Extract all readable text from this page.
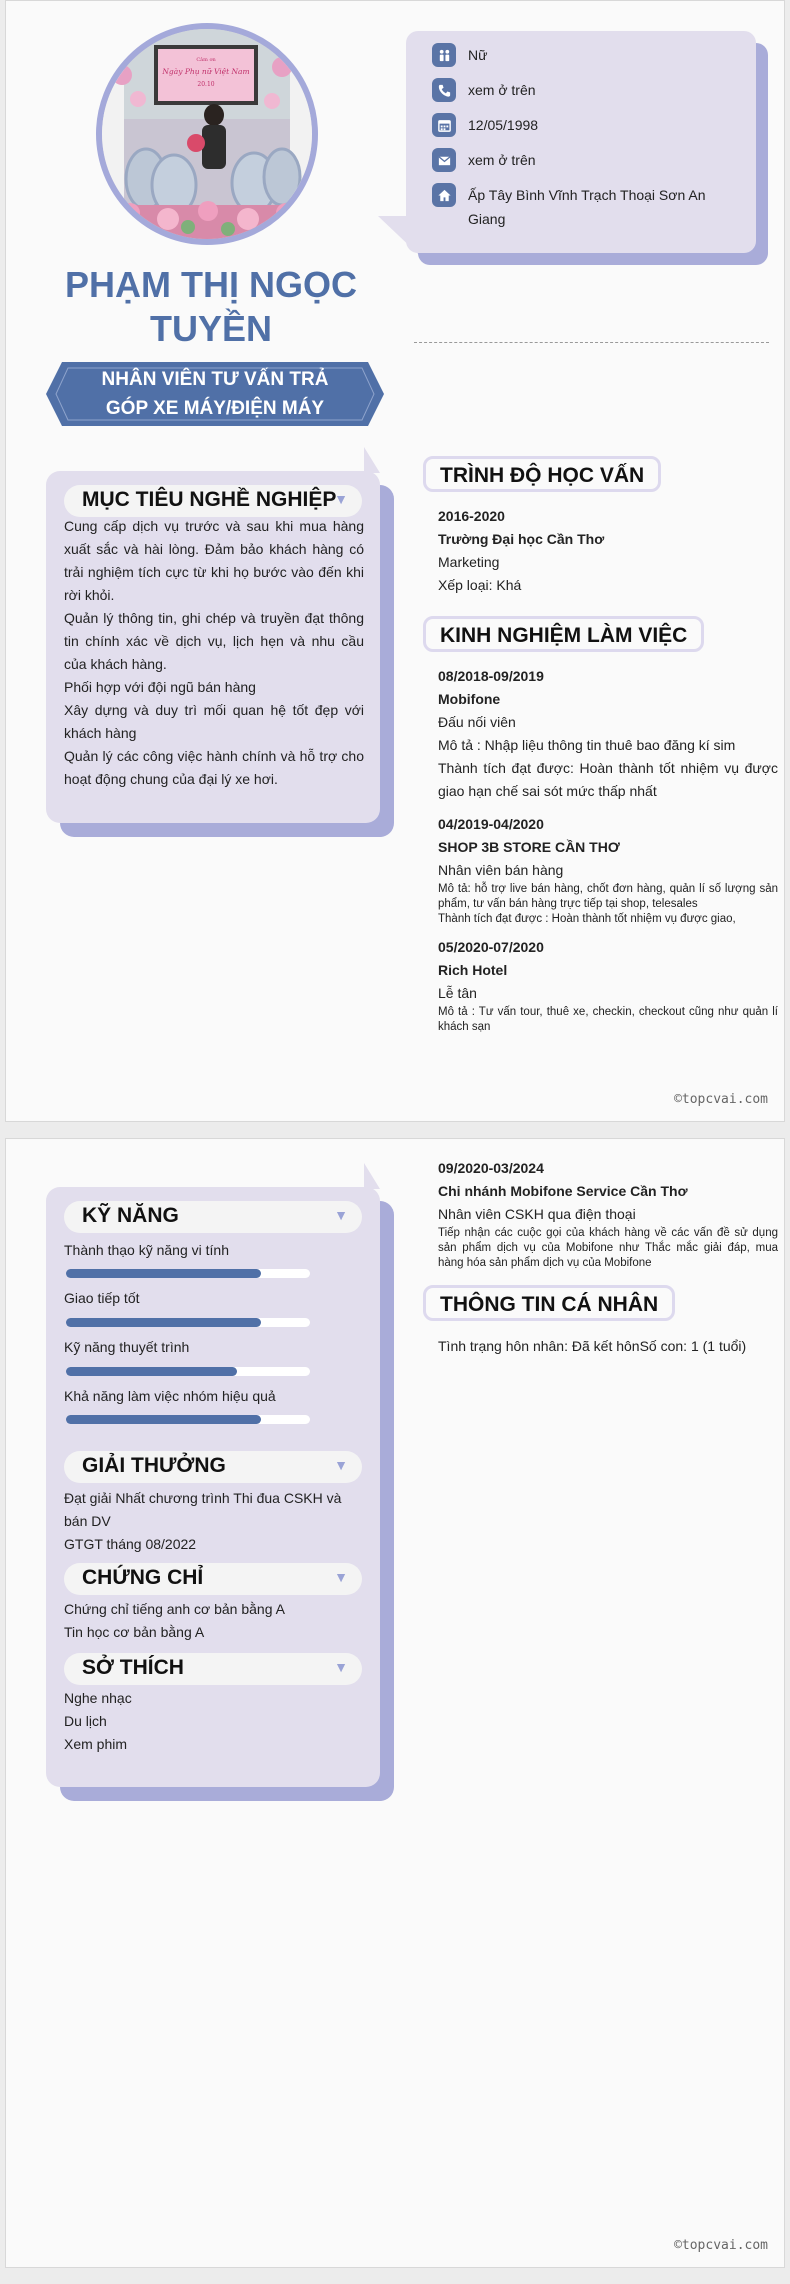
Cảm ơn
Ngày Phụ nữ Việt Nam
20.10
Nữ
xem ở trên
12/05/1998
xem ở trên
Ấp Tây Bình Vĩnh Trạch Thoại Sơn An Giang
PHẠM THỊ NGỌC TUYỀN
NHÂN VIÊN TƯ VẤN TRẢ GÓP XE MÁY/ĐIỆN MÁY
MỤC TIÊU NGHỀ NGHIỆP
▼
Cung cấp dịch vụ trước và sau khi mua hàng xuất sắc và hài lòng. Đảm bảo khách hàng có trải nghiệm tích cực từ khi họ bước vào đến khi rời khỏi.
Quản lý thông tin, ghi chép và truyền đạt thông tin chính xác về dịch vụ, lịch hẹn và nhu cầu của khách hàng.
Phối hợp với đội ngũ bán hàng
Xây dựng và duy trì mối quan hệ tốt đẹp với khách hàng
Quản lý các công việc hành chính và hỗ trợ cho hoạt động chung của đại lý xe hơi.
TRÌNH ĐỘ HỌC VẤN
2016-2020
Trường Đại học Cần Thơ
Marketing
Xếp loại: Khá
KINH NGHIỆM LÀM VIỆC
08/2018-09/2019
Mobifone
Đấu nối viên
Mô tả : Nhập liệu thông tin thuê bao đăng kí sim
Thành tích đạt được: Hoàn thành tốt nhiệm vụ được giao hạn chế sai sót mức thấp nhất
04/2019-04/2020
SHOP 3B STORE CẦN THƠ
Nhân viên bán hàng
Mô tả: hỗ trợ live bán hàng, chốt đơn hàng, quản lí số lượng sản phẩm, tư vấn bán hàng trực tiếp tại shop, telesales
Thành tích đạt được : Hoàn thành tốt nhiệm vụ được giao,
05/2020-07/2020
Rich Hotel
Lễ tân
Mô tả : Tư vấn tour, thuê xe, checkin, checkout cũng như quản lí khách sạn
©topcvai.com
KỸ NĂNG	▼
Thành thạo kỹ năng vi tính
Giao tiếp tốt
Kỹ năng thuyết trình
Khả năng làm việc nhóm hiệu quả
GIẢI THƯỞNG	▼
Đạt giải Nhất chương trình Thi đua CSKH và bán DV
GTGT tháng 08/2022
CHỨNG CHỈ	▼
Chứng chỉ tiếng anh cơ bản bằng A
Tin học cơ bản bằng A
SỞ THÍCH	▼
Nghe nhạc
Du lịch
Xem phim
09/2020-03/2024
Chi nhánh Mobifone Service Cần Thơ
Nhân viên CSKH qua điện thoại
Tiếp nhận các cuộc gọi của khách hàng về các vấn đề sử dụng sản phẩm dịch vụ của Mobifone như Thắc mắc giải đáp, mua hàng hóa sản phẩm dịch vụ của Mobifone
THÔNG TIN CÁ NHÂN
Tình trạng hôn nhân: Đã kết hônSố con: 1 (1 tuổi)
©topcvai.com
